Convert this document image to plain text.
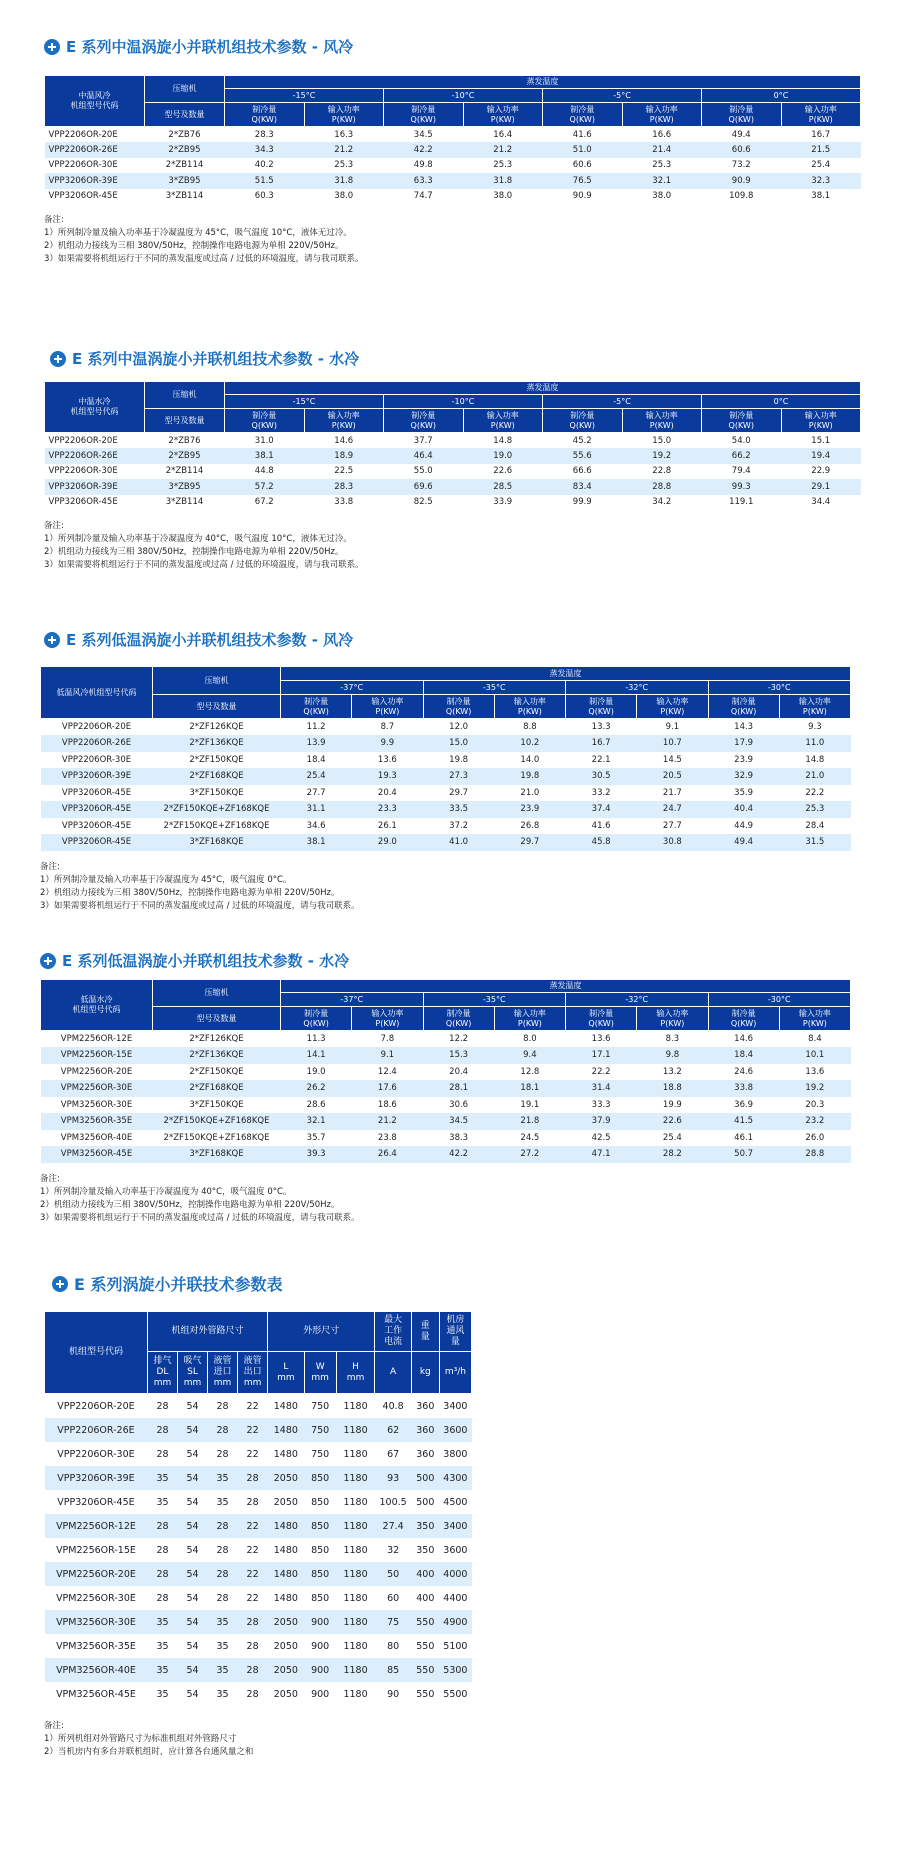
E 系列中温涡旋小并联机组技术参数 - 风冷
中温风冷
机组型号代码	压缩机	蒸发温度							
		-15°C		-10°C		-5°C		0°C	
	型号及数量	制冷量
Q(KW)	输入功率
P(KW)	制冷量
Q(KW)	输入功率
P(KW)	制冷量
Q(KW)	输入功率
P(KW)	制冷量
Q(KW)	输入功率
P(KW)
VPP2206OR-20E	2*ZB76	28.3	16.3	34.5	16.4	41.6	16.6	49.4	16.7
VPP2206OR-26E	2*ZB95	34.3	21.2	42.2	21.2	51.0	21.4	60.6	21.5
VPP2206OR-30E	2*ZB114	40.2	25.3	49.8	25.3	60.6	25.3	73.2	25.4
VPP3206OR-39E	3*ZB95	51.5	31.8	63.3	31.8	76.5	32.1	90.9	32.3
VPP3206OR-45E	3*ZB114	60.3	38.0	74.7	38.0	90.9	38.0	109.8	38.1
备注:
1）所列制冷量及输入功率基于冷凝温度为 45°C，吸气温度 10°C，液体无过冷。
2）机组动力接线为三相 380V/50Hz，控制操作电路电源为单相 220V/50Hz。
3）如果需要将机组运行于不同的蒸发温度或过高 / 过低的环境温度，请与我司联系。
E 系列中温涡旋小并联机组技术参数 - 水冷
中温水冷
机组型号代码	压缩机	蒸发温度							
		-15°C		-10°C		-5°C		0°C	
	型号及数量	制冷量
Q(KW)	输入功率
P(KW)	制冷量
Q(KW)	输入功率
P(KW)	制冷量
Q(KW)	输入功率
P(KW)	制冷量
Q(KW)	输入功率
P(KW)
VPP2206OR-20E	2*ZB76	31.0	14.6	37.7	14.8	45.2	15.0	54.0	15.1
VPP2206OR-26E	2*ZB95	38.1	18.9	46.4	19.0	55.6	19.2	66.2	19.4
VPP2206OR-30E	2*ZB114	44.8	22.5	55.0	22.6	66.6	22.8	79.4	22.9
VPP3206OR-39E	3*ZB95	57.2	28.3	69.6	28.5	83.4	28.8	99.3	29.1
VPP3206OR-45E	3*ZB114	67.2	33.8	82.5	33.9	99.9	34.2	119.1	34.4
备注:
1）所列制冷量及输入功率基于冷凝温度为 40°C，吸气温度 10°C，液体无过冷。
2）机组动力接线为三相 380V/50Hz，控制操作电路电源为单相 220V/50Hz。
3）如果需要将机组运行于不同的蒸发温度或过高 / 过低的环境温度，请与我司联系。
E 系列低温涡旋小并联机组技术参数 - 风冷
低温风冷机组型号代码	压缩机	蒸发温度							
		-37°C		-35°C		-32°C		-30°C	
	型号及数量	制冷量
Q(KW)	输入功率
P(KW)	制冷量
Q(KW)	输入功率
P(KW)	制冷量
Q(KW)	输入功率
P(KW)	制冷量
Q(KW)	输入功率
P(KW)
VPP2206OR-20E	2*ZF126KQE	11.2	8.7	12.0	8.8	13.3	9.1	14.3	9.3
VPP2206OR-26E	2*ZF136KQE	13.9	9.9	15.0	10.2	16.7	10.7	17.9	11.0
VPP2206OR-30E	2*ZF150KQE	18.4	13.6	19.8	14.0	22.1	14.5	23.9	14.8
VPP3206OR-39E	2*ZF168KQE	25.4	19.3	27.3	19.8	30.5	20.5	32.9	21.0
VPP3206OR-45E	3*ZF150KQE	27.7	20.4	29.7	21.0	33.2	21.7	35.9	22.2
VPP3206OR-45E	2*ZF150KQE+ZF168KQE	31.1	23.3	33.5	23.9	37.4	24.7	40.4	25.3
VPP3206OR-45E	2*ZF150KQE+ZF168KQE	34.6	26.1	37.2	26.8	41.6	27.7	44.9	28.4
VPP3206OR-45E	3*ZF168KQE	38.1	29.0	41.0	29.7	45.8	30.8	49.4	31.5
备注:
1）所列制冷量及输入功率基于冷凝温度为 45°C，吸气温度 0°C。
2）机组动力接线为三相 380V/50Hz，控制操作电路电源为单相 220V/50Hz。
3）如果需要将机组运行于不同的蒸发温度或过高 / 过低的环境温度，请与我司联系。
E 系列低温涡旋小并联机组技术参数 - 水冷
低温水冷
机组型号代码	压缩机	蒸发温度							
		-37°C		-35°C		-32°C		-30°C	
	型号及数量	制冷量
Q(KW)	输入功率
P(KW)	制冷量
Q(KW)	输入功率
P(KW)	制冷量
Q(KW)	输入功率
P(KW)	制冷量
Q(KW)	输入功率
P(KW)
VPM2256OR-12E	2*ZF126KQE	11.3	7.8	12.2	8.0	13.6	8.3	14.6	8.4
VPM2256OR-15E	2*ZF136KQE	14.1	9.1	15.3	9.4	17.1	9.8	18.4	10.1
VPM2256OR-20E	2*ZF150KQE	19.0	12.4	20.4	12.8	22.2	13.2	24.6	13.6
VPM2256OR-30E	2*ZF168KQE	26.2	17.6	28.1	18.1	31.4	18.8	33.8	19.2
VPM3256OR-30E	3*ZF150KQE	28.6	18.6	30.6	19.1	33.3	19.9	36.9	20.3
VPM3256OR-35E	2*ZF150KQE+ZF168KQE	32.1	21.2	34.5	21.8	37.9	22.6	41.5	23.2
VPM3256OR-40E	2*ZF150KQE+ZF168KQE	35.7	23.8	38.3	24.5	42.5	25.4	46.1	26.0
VPM3256OR-45E	3*ZF168KQE	39.3	26.4	42.2	27.2	47.1	28.2	50.7	28.8
备注:
1）所列制冷量及输入功率基于冷凝温度为 40°C，吸气温度 0°C。
2）机组动力接线为三相 380V/50Hz，控制操作电路电源为单相 220V/50Hz。
3）如果需要将机组运行于不同的蒸发温度或过高 / 过低的环境温度，请与我司联系。
E 系列涡旋小并联技术参数表
机组型号代码	机组对外管路尺寸				外形尺寸			最大
工作
电流	重
量	机房
通风
量
	排气
DL
mm	吸气
SL
mm	液管
进口
mm	液管
出口
mm	L
mm	W
mm	H
mm	A	kg	m³/h
VPP2206OR-20E	28	54	28	22	1480	750	1180	40.8	360	3400
VPP2206OR-26E	28	54	28	22	1480	750	1180	62	360	3600
VPP2206OR-30E	28	54	28	22	1480	750	1180	67	360	3800
VPP3206OR-39E	35	54	35	28	2050	850	1180	93	500	4300
VPP3206OR-45E	35	54	35	28	2050	850	1180	100.5	500	4500
VPM2256OR-12E	28	54	28	22	1480	850	1180	27.4	350	3400
VPM2256OR-15E	28	54	28	22	1480	850	1180	32	350	3600
VPM2256OR-20E	28	54	28	22	1480	850	1180	50	400	4000
VPM2256OR-30E	28	54	28	22	1480	850	1180	60	400	4400
VPM3256OR-30E	35	54	35	28	2050	900	1180	75	550	4900
VPM3256OR-35E	35	54	35	28	2050	900	1180	80	550	5100
VPM3256OR-40E	35	54	35	28	2050	900	1180	85	550	5300
VPM3256OR-45E	35	54	35	28	2050	900	1180	90	550	5500
备注:
1）所列机组对外管路尺寸为标准机组对外管路尺寸
2）当机房内有多台并联机组时，应计算各台通风量之和
